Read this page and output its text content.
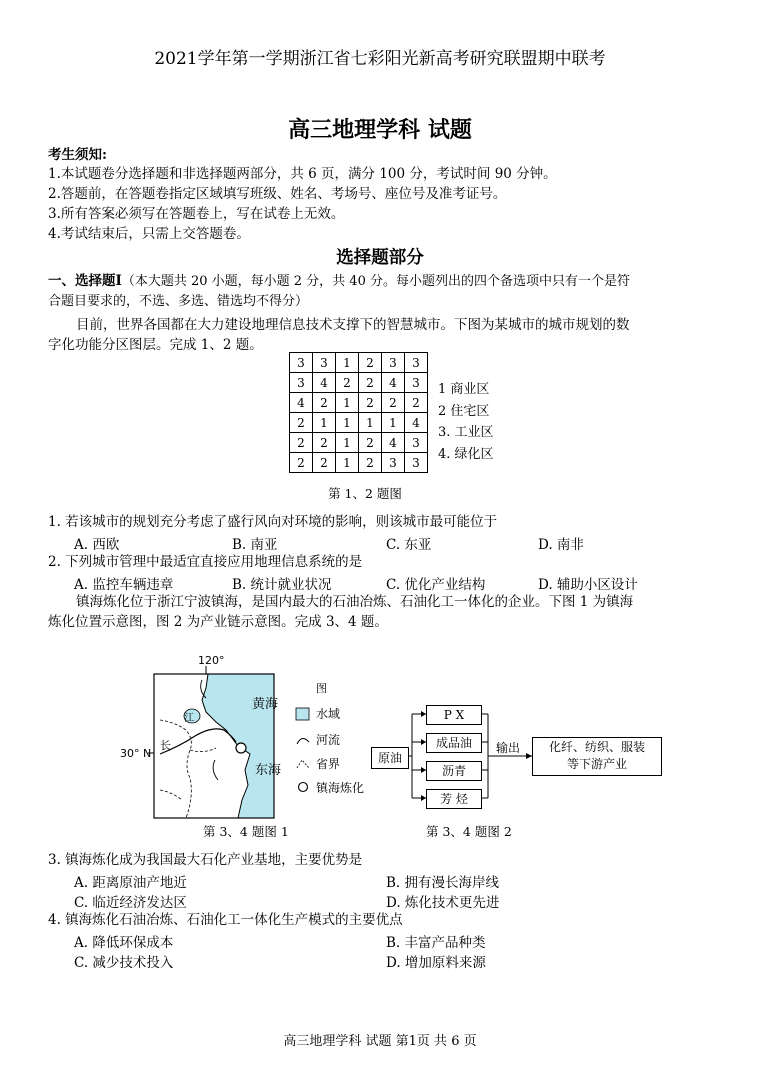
2021学年第一学期浙江省七彩阳光新高考研究联盟期中联考
高三地理学科 试题
考生须知:
1.本试题卷分选择题和非选择题两部分，共 6 页，满分 100 分，考试时间 90 分钟。
2.答题前，在答题卷指定区域填写班级、姓名、考场号、座位号及准考证号。
3.所有答案必须写在答题卷上，写在试卷上无效。
4.考试结束后，只需上交答题卷。
选择题部分
一、选择题Ⅰ（本大题共 20 小题，每小题 2 分，共 40 分。每小题列出的四个备选项中只有一个是符
合题目要求的，不选、多选、错选均不得分）
目前，世界各国都在大力建设地理信息技术支撑下的智慧城市。下图为某城市的城市规划的数
字化功能分区图层。完成 1、2 题。
3	3	1	2	3	3
3	4	2	2	4	3
4	2	1	2	2	2
2	1	1	1	1	4
2	2	1	2	4	3
2	2	1	2	3	3
1 商业区
2 住宅区
3. 工业区
4. 绿化区
第 1、2 题图
1. 若该城市的规划充分考虑了盛行风向对环境的影响，则该城市最可能位于
A. 西欧	B. 南亚	C. 东亚	D. 南非
2. 下列城市管理中最适宜直接应用地理信息系统的是
A. 监控车辆违章	B. 统计就业状况	C. 优化产业结构	D. 辅助小区设计
镇海炼化位于浙江宁波镇海，是国内最大的石油冶炼、石油化工一体化的企业。下图 1 为镇海
炼化位置示意图，图 2 为产业链示意图。完成 3、4 题。
120°
30° N
黄海
东海
长
江
图
水域
河流
省界
镇海炼化
第 3、4 题图 1
原油
P X
成品油
沥青
芳 烃
输出	化纤、纺织、服装
等下游产业
第 3、4 题图 2
3. 镇海炼化成为我国最大石化产业基地，主要优势是
A. 距离原油产地近	B. 拥有漫长海岸线
C. 临近经济发达区	D. 炼化技术更先进
4. 镇海炼化石油冶炼、石油化工一体化生产模式的主要优点
A. 降低环保成本	B. 丰富产品种类
C. 减少技术投入	D. 增加原料来源
高三地理学科 试题 第1页 共 6 页
